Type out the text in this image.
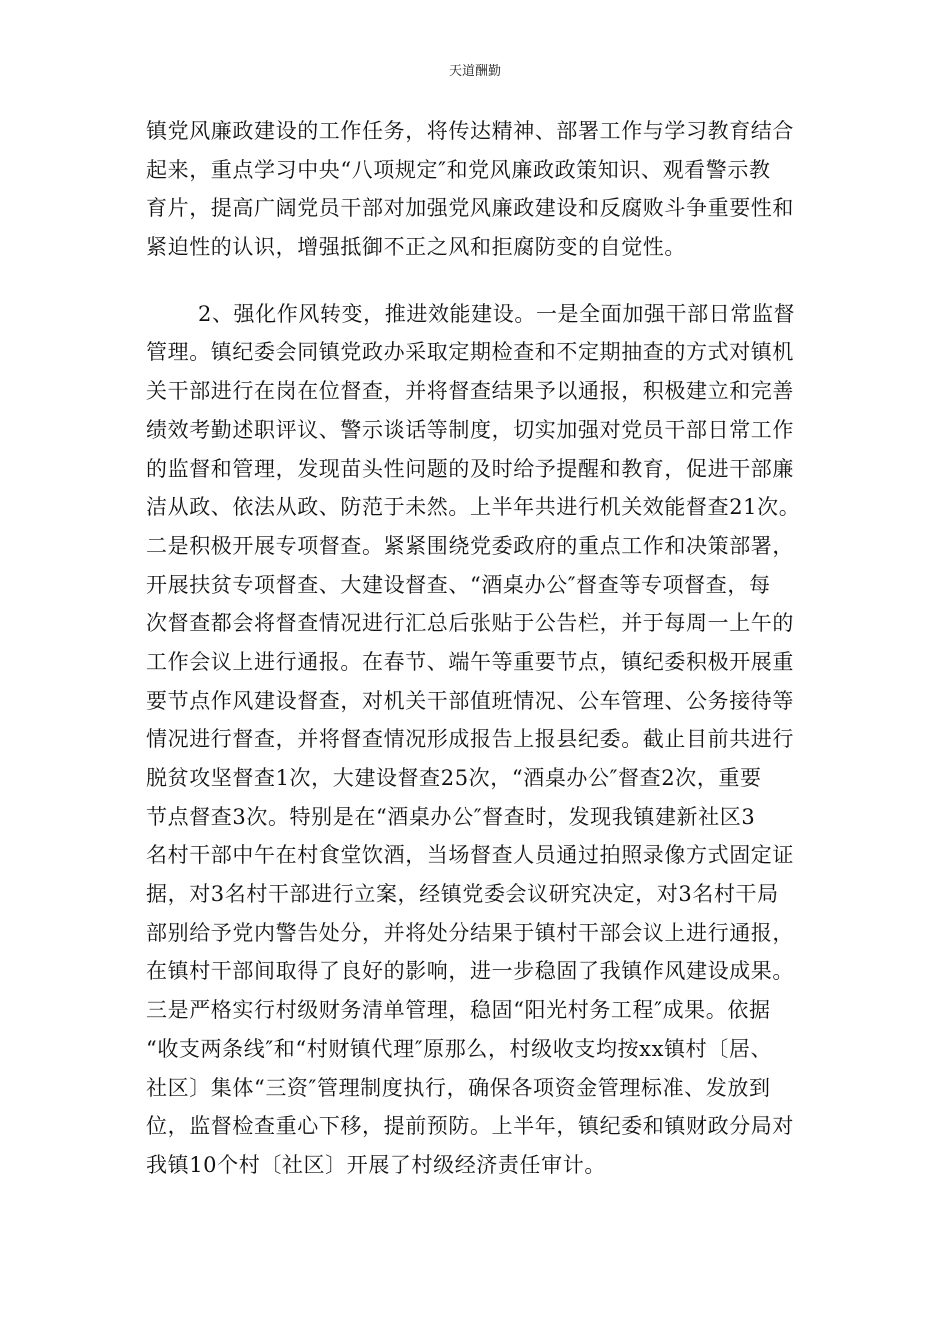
天道酬勤
镇党风廉政建设的工作任务，将传达精神、部署工作与学习教育结合
起来，重点学习中央“八项规定″和党风廉政政策知识、观看警示教
育片，提高广阔党员干部对加强党风廉政建设和反腐败斗争重要性和
紧迫性的认识，增强抵御不正之风和拒腐防变的自觉性。
2、强化作风转变，推进效能建设。一是全面加强干部日常监督
管理。镇纪委会同镇党政办采取定期检查和不定期抽查的方式对镇机
关干部进行在岗在位督查，并将督查结果予以通报，积极建立和完善
绩效考勤述职评议、警示谈话等制度，切实加强对党员干部日常工作
的监督和管理，发现苗头性问题的及时给予提醒和教育，促进干部廉
洁从政、依法从政、防范于未然。上半年共进行机关效能督查21次。
二是积极开展专项督查。紧紧围绕党委政府的重点工作和决策部署，
开展扶贫专项督查、大建设督查、“酒桌办公″督查等专项督查，每
次督查都会将督查情况进行汇总后张贴于公告栏，并于每周一上午的
工作会议上进行通报。在春节、端午等重要节点，镇纪委积极开展重
要节点作风建设督查，对机关干部值班情况、公车管理、公务接待等
情况进行督查，并将督查情况形成报告上报县纪委。截止目前共进行
脱贫攻坚督查1次，大建设督查25次，“酒桌办公″督查2次，重要
节点督查3次。特别是在“酒桌办公″督查时，发现我镇建新社区3
名村干部中午在村食堂饮酒，当场督查人员通过拍照录像方式固定证
据，对3名村干部进行立案，经镇党委会议研究决定，对3名村干局
部别给予党内警告处分，并将处分结果于镇村干部会议上进行通报，
在镇村干部间取得了良好的影响，进一步稳固了我镇作风建设成果。
三是严格实行村级财务清单管理，稳固“阳光村务工程″成果。依据
“收支两条线″和“村财镇代理″原那么，村级收支均按xx镇村〔居、
社区〕集体“三资″管理制度执行，确保各项资金管理标准、发放到
位，监督检查重心下移，提前预防。上半年，镇纪委和镇财政分局对
我镇10个村〔社区〕开展了村级经济责任审计。
